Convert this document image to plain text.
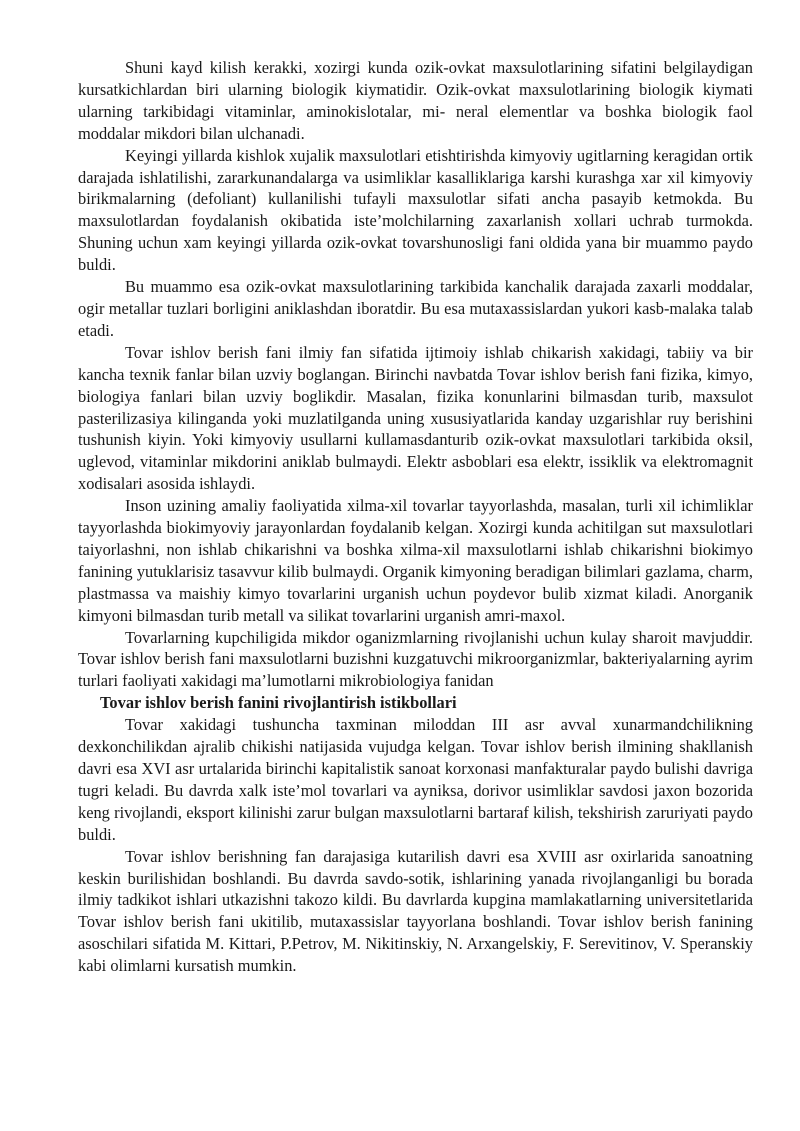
Shuni kayd kilish kerakki, xozirgi kunda ozik-ovkat maxsulotlarining sifatini belgilaydigan kursatkichlardan biri ularning biologik kiymatidir. Ozik-ovkat maxsulotlarining biologik kiymati ularning tarkibidagi vitaminlar, aminokislotalar, mi- neral elementlar va boshka biologik faol moddalar mikdori bilan ulchanadi.

Keyingi yillarda kishlok xujalik maxsulotlari etishtirishda kimyoviy ugitlarning keragidan ortik darajada ishlatilishi, zararkunandalarga va usimliklar kasalliklariga karshi kurashga xar xil kimyoviy birikmalarning (defoliant) kullanilishi tufayli maxsulotlar sifati ancha pasayib ketmokda. Bu maxsulotlardan foydalanish okibatida iste’molchilarning zaxarlanish xollari uchrab turmokda. Shuning uchun xam keyingi yillarda ozik-ovkat tovarshunosligi fani oldida yana bir muammo paydo buldi.

Bu muammo esa ozik-ovkat maxsulotlarining tarkibida kanchalik darajada zaxarli moddalar, ogir metallar tuzlari borligini aniklashdan iboratdir. Bu esa mutaxassislardan yukori kasb-malaka talab etadi.

Tovar ishlov berish fani ilmiy fan sifatida ijtimoiy ishlab chikarish xakidagi, tabiiy va bir kancha texnik fanlar bilan uzviy boglangan. Birinchi navbatda Tovar ishlov berish fani fizika, kimyo, biologiya fanlari bilan uzviy boglikdir. Masalan, fizika konunlarini bilmasdan turib, maxsulot pasterilizasiya kilinganda yoki muzlatilganda uning xususiyatlarida kanday uzgarishlar ruy berishini tushunish kiyin. Yoki kimyoviy usullarni kullamasdanturib ozik-ovkat maxsulotlari tarkibida oksil, uglevod, vitaminlar mikdorini aniklab bulmaydi. Elektr asboblari esa elektr, issiklik va elektromagnit xodisalari asosida ishlaydi.

Inson uzining amaliy faoliyatida xilma-xil tovarlar tayyorlashda, masalan, turli xil ichimliklar tayyorlashda biokimyoviy jarayonlardan foydalanib kelgan. Xozirgi kunda achitilgan sut maxsulotlari taiyorlashni, non ishlab chikarishni va boshka xilma-xil maxsulotlarni ishlab chikarishni biokimyo fanining yutuklarisiz tasavvur kilib bulmaydi. Organik kimyoning beradigan bilimlari gazlama, charm, plastmassa va maishiy kimyo tovarlarini urganish uchun poydevor bulib xizmat kiladi. Anorganik kimyoni bilmasdan turib metall va silikat tovarlarini urganish amri-maxol.

Tovarlarning kupchiligida mikdor oganizmlarning rivojlanishi uchun kulay sharoit mavjuddir. Tovar ishlov berish fani maxsulotlarni buzishni kuzgatuvchi mikroorganizmlar, bakteriyalarning ayrim turlari faoliyati xakidagi ma’lumotlarni mikrobiologiya fanidan

Tovar ishlov berish fanini rivojlantirish istikbollari

Tovar xakidagi tushuncha taxminan miloddan III asr avval xunarmandchilikning dexkonchilikdan ajralib chikishi natijasida vujudga kelgan. Tovar ishlov berish ilmining shakllanish davri esa XVI asr urtalarida birinchi kapitalistik sanoat korxonasi manfakturalar paydo bulishi davriga tugri keladi. Bu davrda xalk iste’mol tovarlari va ayniksa, dorivor usimliklar savdosi jaxon bozorida keng rivojlandi, eksport kilinishi zarur bulgan maxsulotlarni bartaraf kilish, tekshirish zaruriyati paydo buldi.

Tovar ishlov berishning fan darajasiga kutarilish davri esa XVIII asr oxirlarida sanoatning keskin burilishidan boshlandi. Bu davrda savdo-sotik, ishlarining yanada rivojlanganligi bu borada ilmiy tadkikot ishlari utkazishni takozo kildi. Bu davrlarda kupgina mamlakatlarning universitetlarida Tovar ishlov berish fani ukitilib, mutaxassislar tayyorlana boshlandi. Tovar ishlov berish fanining asoschilari sifatida M. Kittari, P.Petrov, M. Nikitinskiy, N. Arxangelskiy, F. Serevitinov, V. Speranskiy kabi olimlarni kursatish mumkin.
